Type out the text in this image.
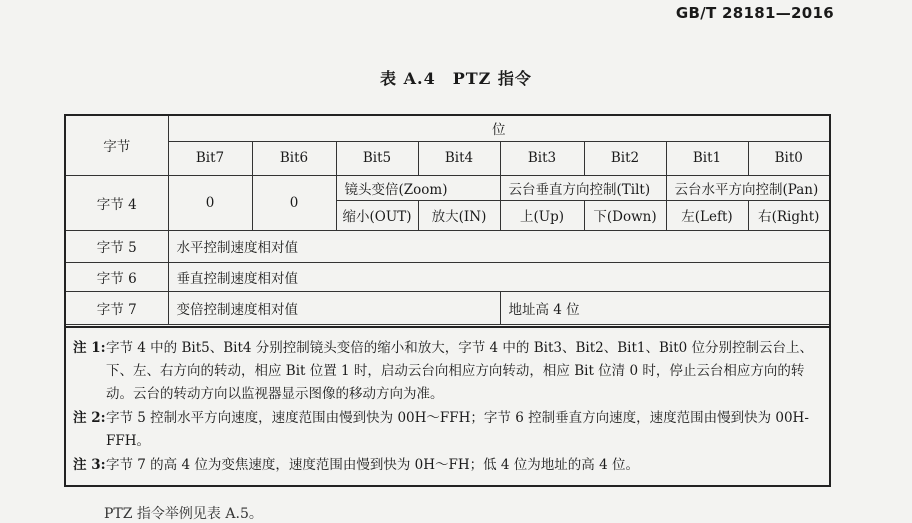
GB/T 28181—2016
表 A.4　PTZ 指令
字节	位							
	Bit7	Bit6	Bit5	Bit4	Bit3	Bit2	Bit1	Bit0
字节 4	0	0	镜头变倍(Zoom)		云台垂直方向控制(Tilt)		云台水平方向控制(Pan)	
			缩小(OUT)	放大(IN)	上(Up)	下(Down)	左(Left)	右(Right)
字节 5	水平控制速度相对值							
字节 6	垂直控制速度相对值							
字节 7	变倍控制速度相对值				地址高 4 位			
注 1: 字节 4 中的 Bit5、Bit4 分别控制镜头变倍的缩小和放大，字节 4 中的 Bit3、Bit2、Bit1、Bit0 位分别控制云台上、下、左、右方向的转动，相应 Bit 位置 1 时，启动云台向相应方向转动，相应 Bit 位清 0 时，停止云台相应方向的转动。云台的转动方向以监视器显示图像的移动方向为准。
注 2: 字节 5 控制水平方向速度，速度范围由慢到快为 00H～FFH；字节 6 控制垂直方向速度，速度范围由慢到快为 00H-FFH。
注 3: 字节 7 的高 4 位为变焦速度，速度范围由慢到快为 0H～FH；低 4 位为地址的高 4 位。
PTZ 指令举例见表 A.5。
